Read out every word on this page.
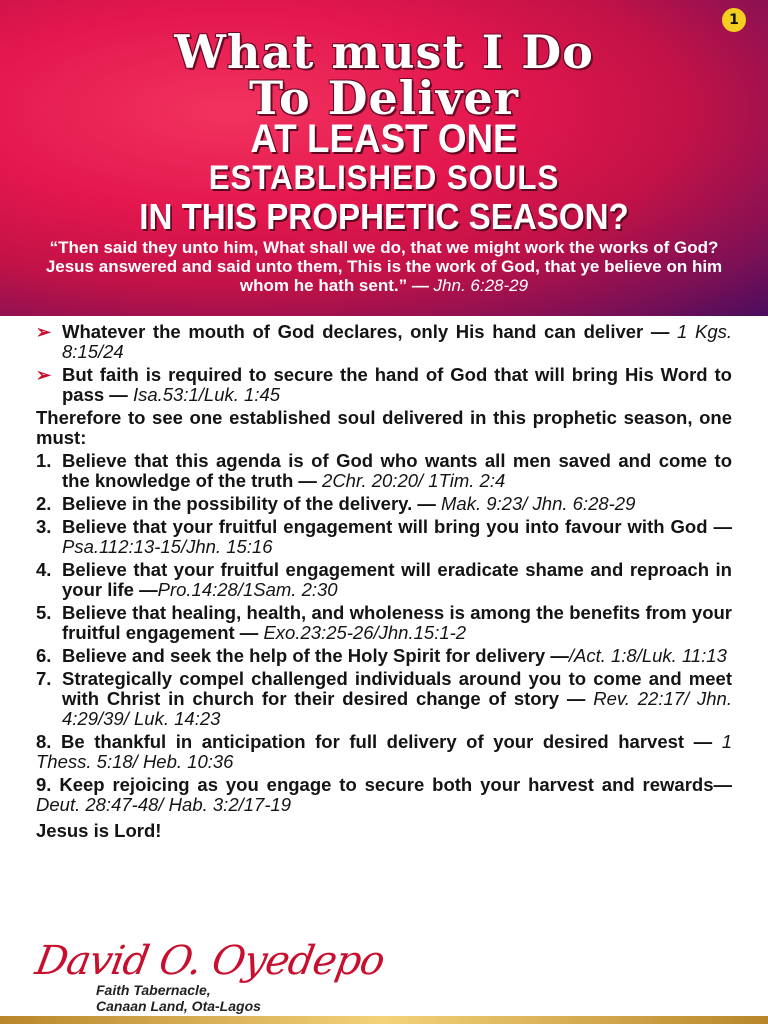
1
What must I Do
To Deliver
AT LEAST ONE
ESTABLISHED SOULS
IN THIS PROPHETIC SEASON?
“Then said they unto him, What shall we do, that we might work the works of God? Jesus answered and said unto them, This is the work of God, that ye believe on him whom he hath sent.” — Jhn. 6:28-29
➢ Whatever the mouth of God declares, only His hand can deliver — 1 Kgs. 8:15/24
➢ But faith is required to secure the hand of God that will bring His Word to pass — Isa.53:1/Luk. 1:45
Therefore to see one established soul delivered in this prophetic season, one must:
1. Believe that this agenda is of God who wants all men saved and come to the knowledge of the truth — 2Chr. 20:20/ 1Tim. 2:4
2. Believe in the possibility of the delivery. — Mak. 9:23/ Jhn. 6:28-29
3. Believe that your fruitful engagement will bring you into favour with God —Psa.112:13-15/Jhn. 15:16
4. Believe that your fruitful engagement will eradicate shame and reproach in your life —Pro.14:28/1Sam. 2:30
5. Believe that healing, health, and wholeness is among the benefits from your fruitful engagement — Exo.23:25-26/Jhn.15:1-2
6. Believe and seek the help of the Holy Spirit for delivery —/Act. 1:8/Luk. 11:13
7. Strategically compel challenged individuals around you to come and meet with Christ in church for their desired change of story — Rev. 22:17/ Jhn. 4:29/39/ Luk. 14:23
8. Be thankful in anticipation for full delivery of your desired harvest — 1 Thess. 5:18/ Heb. 10:36
9. Keep rejoicing as you engage to secure both your harvest and rewards— Deut. 28:47-48/ Hab. 3:2/17-19
Jesus is Lord!
David O. Oyedepo
Faith Tabernacle,
Canaan Land, Ota-Lagos
